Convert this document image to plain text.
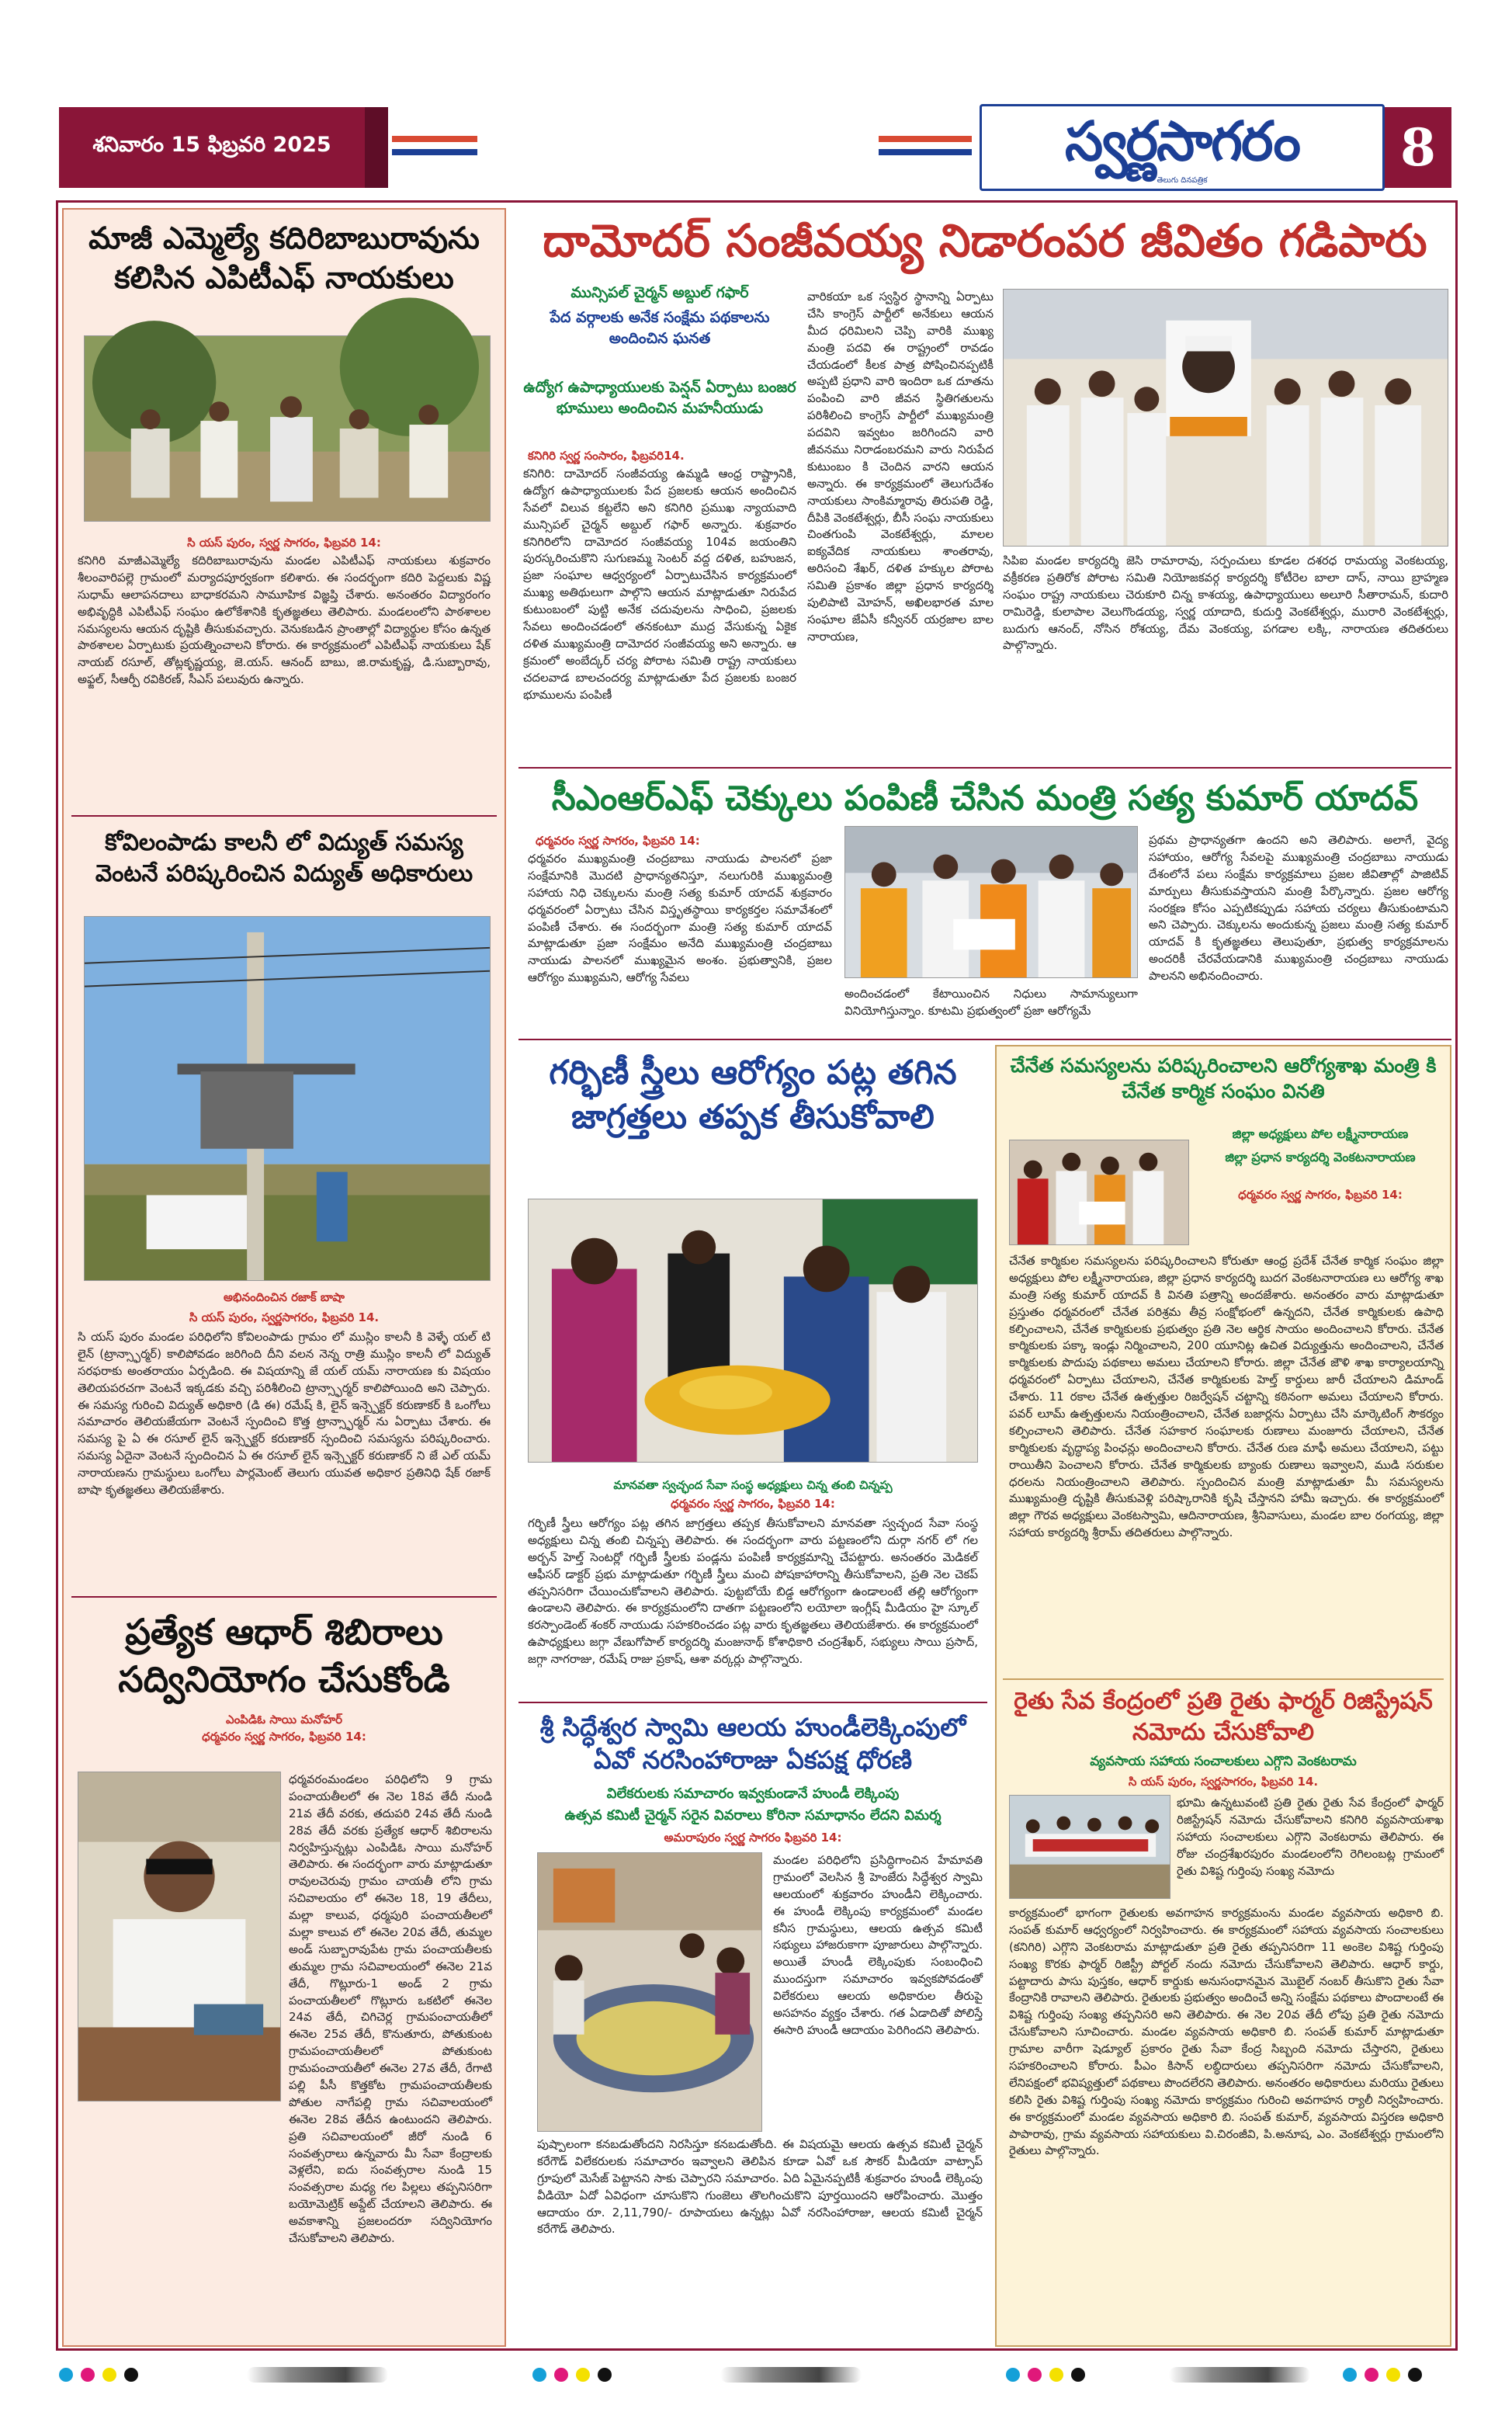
శనివారం 15 ఫిబ్రవరి 2025	స్వర్ణసాగరం
తెలుగు దినపత్రిక
8
మాజీ ఎమ్మెల్యే కదిరిబాబురావును కలిసిన ఎపిటీఎఫ్ నాయకులు
సి యస్ పురం, స్వర్ణ సాగరం, ఫిబ్రవరి 14:
కనిగిరి మాజీఎమ్మెల్యే కదిరిబాబురావును మండల ఎపిటీఎఫ్ నాయకులు శుక్రవారం శీలంవారిపల్లె గ్రామంలో మర్యాదపూర్వకంగా కలిశారు. ఈ సందర్భంగా కదిరి పెద్దలుకు విష్ణ సుధామ్ ఆలాపనదాలు బాధాకరమని సామూహిక విజ్ఞప్తి చేశారు. అనంతరం విద్యారంగం అభివృద్ధికి ఎపిటీఎఫ్ సంఘం ఉలోకేశానికి కృతజ్ఞతలు తెలిపారు. మండలంలోని పాఠశాలల సమస్యలను ఆయన దృష్టికి తీసుకువచ్చారు. వెనుకబడిన ప్రాంతాల్లో విద్యార్థుల కోసం ఉన్నత పాఠశాలల ఏర్పాటుకు ప్రయత్నించాలని కోరారు. ఈ కార్యక్రమంలో ఎపిటీఎఫ్ నాయకులు షేక్ నాయబ్ రసూల్, తోట్లకృష్ణయ్య, జె.యస్. ఆనంద్ బాబు, జి.రామకృష్ణ, డి.సుబ్బారావు, అఫ్జల్, సీఆర్పీ రవికిరణ్, సీఎస్ పలువురు ఉన్నారు.
కోవిలంపాడు కాలనీ లో విద్యుత్ సమస్య వెంటనే పరిష్కరించిన విద్యుత్ అధికారులు
అభినందించిన రజాక్ బాషా
సి యస్ పురం, స్వర్ణసాగరం, ఫిబ్రవరి 14.
సి యస్ పురం మండల పరిధిలోని కోవిలంపాడు గ్రామం లో ముస్లిం కాలనీ కి వెళ్ళే యల్ టి లైన్ (ట్రాన్స్ఫార్మర్) కాలిపోవడం జరిగింది దీని వలన నెన్న రాత్రి ముస్లిం కాలనీ లో విద్యుత్ సరఫరాకు అంతరాయం ఏర్పడింది. ఈ విషయాన్ని జే యల్ యమ్ నారాయణ కు విషయం తెలియపరచగా వెంటనే ఇక్కడకు వచ్చి పరిశీలించి ట్రాన్స్ఫార్మర్ కాలిపోయింది అని చెప్పారు. ఈ సమస్య గురించి విద్యుత్ అధికారి (డి ఈ) రమేష్ కి, లైన్ ఇన్స్పెక్టర్ కరుణాకర్ కి ఒంగోలు సమాచారం తెలియజేయగా వెంటనే స్పందించి కొత్త ట్రాన్స్ఫార్మర్ ను ఏర్పాటు చేశారు. ఈ సమస్య పై ఏ ఈ రసూల్ లైన్ ఇన్స్పెక్టర్ కరుణాకర్ స్పందించి సమస్యను పరిష్కరించారు. సమస్య ఏదైనా వెంటనే స్పందించిన ఏ ఈ రసూల్ లైన్ ఇన్స్పెక్టర్ కరుణాకర్ ని జే ఎల్ యమ్ నారాయణను గ్రామస్థులు ఒంగోలు పార్లమెంట్ తెలుగు యువత అధికార ప్రతినిధి షేక్ రజాక్ బాషా కృతజ్ఞతలు తెలియజేశారు.
ప్రత్యేక ఆధార్ శిబిరాలు సద్వినియోగం చేసుకోండి
ఎంపిడిఓ సాయి మనోహర్
ధర్మవరం స్వర్ణ సాగరం, ఫిబ్రవరి 14:
ధర్మవరంమండలం పరిధిలోని 9 గ్రామ పంచాయతీలలో ఈ నెల 18వ తేదీ నుండి 21వ తేదీ వరకు, తదుపరి 24వ తేదీ నుండి 28వ తేదీ వరకు ప్రత్యేక ఆధార్ శిబిరాలను నిర్వహిస్తున్నట్లు ఎంపిడిఓ సాయి మనోహర్ తెలిపారు. ఈ సందర్భంగా వారు మాట్లాడుతూ రావులచెరువు గ్రామం చాయతీ లోని గ్రామ సచివాలయం లో ఈనెల 18, 19 తేదీలు, మల్లా కాలువ, ధర్మపురి పంచాయతీలలో మల్లా కాలువ లో ఈనెల 20వ తేదీ, తుమ్మల అండ్ సుబ్బారావుపేట గ్రామ పంచాయతీలకు తుమ్మల గ్రామ సచివాలయంలో ఈనెల 21వ తేదీ, గొట్లూరు-1 అండ్ 2 గ్రామ పంచాయతీలలో గొట్లూరు ఒకటిలో ఈనెల 24వ తేదీ, చిగిచెర్ల గ్రామపంచాయతీలో ఈనెల 25వ తేదీ, కొనుతూరు, పోతుకుంట గ్రామపంచాయతీలలో పోతుకుంట గ్రామపంచాయతీలో ఈనెల 27వ తేదీ, రేగాటి పల్లి పీసీ కొత్తకోట గ్రామపంచాయతీలకు పోతుల నాగేపల్లి గ్రామ సచివాలయంలో ఈనెల 28వ తేదీన ఉంటుందని తెలిపారు. ప్రతి సచివాలయంలో జీరో నుండి 6 సంవత్సరాలు ఉన్నవారు మీ సేవా కేంద్రాలకు వెళ్లలేని, ఐదు సంవత్సరాల నుండి 15 సంవత్సరాల మధ్య గల పిల్లలు తప్పనిసరిగా బయోమెట్రిక్ అప్డేట్ చేయాలని తెలిపారు. ఈ అవకాశాన్ని ప్రజలందరూ సద్వినియోగం చేసుకోవాలని తెలిపారు.
దామోదర్ సంజీవయ్య నిడారంపర జీవితం గడిపారు
మున్సిపల్ చైర్మన్ అబ్దుల్ గఫార్
పేద వర్గాలకు అనేక సంక్షేమ పథకాలను అందించిన ఘనత
ఉద్యోగ ఉపాధ్యాయులకు పెన్షన్ ఏర్పాటు బంజర భూములు అందించిన మహనీయుడు
కనిగిరి స్వర్ణ సంసారం, ఫిబ్రవరి14.
కనిగిరి: దామోదర్ సంజీవయ్య ఉమ్మడి ఆంధ్ర రాష్ట్రానికి, ఉద్యోగ ఉపాధ్యాయులకు పేద ప్రజలకు ఆయన అందించిన సేవలో విలువ కట్టలేని అని కనిగిరి ప్రముఖ న్యాయవాది మున్సిపల్ చైర్మన్ అబ్దుల్ గఫార్ అన్నారు. శుక్రవారం కనిగిరిలోని దామోదర సంజీవయ్య 104వ జయంతిని పురస్కరించుకొని సుగుణమ్మ సెంటర్ వద్ద దళిత, బహుజన, ప్రజా సంఘాల ఆధ్వర్యంలో ఏర్పాటుచేసిన కార్యక్రమంలో ముఖ్య అతిథులుగా పాల్గొని ఆయన మాట్లాడుతూ నిరుపేద కుటుంబంలో పుట్టి అనేక చదువులను సాధించి, ప్రజలకు సేవలు అందించడంలో తనకంటూ ముద్ర వేసుకున్న ఏకైక దళిత ముఖ్యమంత్రి దామోదర సంజీవయ్య అని అన్నారు. ఆ క్రమంలో అంబేద్కర్ చర్య పోరాట సమితి రాష్ట్ర నాయకులు చదలవాడ బాలచందర్య మాట్లాడుతూ పేద ప్రజలకు బంజర భూములను పంపిణీ
వారికయా ఒక స్వస్థిర స్థానాన్ని ఏర్పాటు చేసి కాంగ్రెస్ పార్టీలో అనేకులు ఆయన మీద ధరిమిలని చెప్పి వారికి ముఖ్య మంత్రి పదవి ఈ రాష్ట్రంలో రావడం చేయడంలో కీలక పాత్ర పోషించినప్పటికీ అప్పటి ప్రధాని వారి ఇందిరా ఒక దూతను పంపించి వారి జీవన స్థితిగతులను పరిశీలించి కాంగ్రెస్ పార్టీలో ముఖ్యమంత్రి పదవిని ఇవ్వటం జరిగిందని వారి జీవనము నిరాడంబరమని వారు నిరుపేద కుటుంబం కి చెందిన వారని ఆయన అన్నారు. ఈ కార్యక్రమంలో తెలుగుదేశం నాయకులు సాంకిమ్మారావు తిరుపతి రెడ్డి, దీపికి వెంకటేశ్వర్లు, బీసీ సంఘ నాయకులు చింతగుంపి వెంకటేశ్వర్లు, మాలల ఐక్యవేదిక నాయకులు శాంతరావు, అరిసంచి శేఖర్, దళిత హక్కుల పోరాట సమితి ప్రకాశం జిల్లా ప్రధాన కార్యదర్శి పులిపాటి మోహన్, అఖిలభారత మాల సంఘాల జేఏసీ కన్వీనర్ యర్రజాల బాల నారాయణ,
సిపిఐ మండల కార్యదర్శి జెసి రామారావు, సర్పంచులు కూడల దశరధ రామయ్య వెంకటయ్య, వక్రీకరణ ప్రతిరోక పోరాట సమితి నియోజకవర్గ కార్యదర్శి కోటీరెల బాలా దాస్, నాయి బ్రాహ్మణ సంఘం రాష్ట్ర నాయకులు చెరుకూరి చిన్న కాశయ్య, ఉపాధ్యాయులు అలూరి సీతారామన్, కుదారి రామిరెడ్డి, కులాపాల వెలుగొండయ్య, స్వర్ణ యాదాది, కుదుర్తి వెంకటేశ్వర్లు, మురారి వెంకటేశ్వర్లు, బుదుగు ఆనంద్, నోసిన రోశయ్య, దేమ వెంకయ్య, పగడాల లక్కి, నారాయణ తదితరులు పాల్గొన్నారు.
సీఎంఆర్ఎఫ్ చెక్కులు పంపిణీ చేసిన మంత్రి సత్య కుమార్ యాదవ్
ధర్మవరం స్వర్ణ సాగరం, ఫిబ్రవరి 14:
ధర్మవరం ముఖ్యమంత్రి చంద్రబాబు నాయుడు పాలనలో ప్రజా సంక్షేమానికి మొదటి ప్రాధాన్యతనిస్తూ, నలుగురికి ముఖ్యమంత్రి సహాయ నిధి చెక్కులను మంత్రి సత్య కుమార్ యాదవ్ శుక్రవారం ధర్మవరంలో ఏర్పాటు చేసిన విస్తృతస్థాయి కార్యకర్తల సమావేశంలో పంపిణీ చేశారు. ఈ సందర్భంగా మంత్రి సత్య కుమార్ యాదవ్ మాట్లాడుతూ ప్రజా సంక్షేమం అనేది ముఖ్యమంత్రి చంద్రబాబు నాయుడు పాలనలో ముఖ్యమైన అంశం. ప్రభుత్వానికి, ప్రజల ఆరోగ్యం ముఖ్యమని, ఆరోగ్య సేవలు
అందించడంలో కేటాయించిన నిధులు సామాన్యులుగా వినియోగిస్తున్నాం. కూటమి ప్రభుత్వంలో ప్రజా ఆరోగ్యమే
ప్రథమ ప్రాధాన్యతగా ఉందని అని తెలిపారు. అలాగే, వైద్య సహాయం, ఆరోగ్య సేవలపై ముఖ్యమంత్రి చంద్రబాబు నాయుడు దేశంలోనే పలు సంక్షేమ కార్యక్రమాలు ప్రజల జీవితాల్లో పాజిటివ్ మార్పులు తీసుకువస్తాయని మంత్రి పేర్కొన్నారు. ప్రజల ఆరోగ్య సంరక్షణ కోసం ఎప్పటికప్పుడు సహాయ చర్యలు తీసుకుంటామని అని చెప్పారు. చెక్కులను అందుకున్న ప్రజలు మంత్రి సత్య కుమార్ యాదవ్ కి కృతజ్ఞతలు తెలుపుతూ, ప్రభుత్వ కార్యక్రమాలను అందరికీ చేరవేయడానికి ముఖ్యమంత్రి చంద్రబాబు నాయుడు పాలనని అభినందించారు.
గర్భిణీ స్త్రీలు ఆరోగ్యం పట్ల తగిన జాగ్రత్తలు తప్పక తీసుకోవాలి
మానవతా స్వచ్ఛంద సేవా సంస్థ అధ్యక్షులు చిన్న తంబి చిన్నప్ప
ధర్మవరం స్వర్ణ సాగరం, ఫిబ్రవరి 14:
గర్భిణీ స్త్రీలు ఆరోగ్యం పట్ల తగిన జాగ్రత్తలు తప్పక తీసుకోవాలని మానవతా స్వచ్ఛంద సేవా సంస్థ అధ్యక్షులు చిన్న తంబి చిన్నప్ప తెలిపారు. ఈ సందర్భంగా వారు పట్టణంలోని దుర్గా నగర్ లో గల అర్బన్ హెల్త్ సెంటర్లో గర్భిణీ స్త్రీలకు పండ్లను పంపిణీ కార్యక్రమాన్ని చేపట్టారు. అనంతరం మెడికల్ ఆఫీసర్ డాక్టర్ ప్రభు మాట్లాడుతూ గర్భిణీ స్త్రీలు మంచి పోషకాహారాన్ని తీసుకోవాలని, ప్రతి నెల చెకప్ తప్పనిసరిగా చేయించుకోవాలని తెలిపారు. పుట్టబోయే బిడ్డ ఆరోగ్యంగా ఉండాలంటే తల్లి ఆరోగ్యంగా ఉండాలని తెలిపారు. ఈ కార్యక్రమంలోని దాతగా పట్టణంలోని లయోలా ఇంగ్లీష్ మీడియం హై స్కూల్ కరస్పాండెంట్ శంకర్ నాయుడు సహకరించడం పట్ల వారు కృతజ్ఞతలు తెలియజేశారు. ఈ కార్యక్రమంలో ఉపాధ్యక్షులు జగ్గా వేణుగోపాల్ కార్యదర్శి మంజునాథ్ కోశాధికారి చంద్రశేఖర్, సభ్యులు సాయి ప్రసాద్, జగ్గా నాగరాజు, రమేష్ రాజు ప్రకాష్, ఆశా వర్కర్లు పాల్గొన్నారు.
శ్రీ సిద్ధేశ్వర స్వామి ఆలయ హుండీలెక్కింపులో ఏవో నరసింహారాజు ఏకపక్ష ధోరణి
విలేకరులకు సమాచారం ఇవ్వకుండానే హుండీ లెక్కింపు
ఉత్సవ కమిటీ చైర్మన్ సరైన వివరాలు కోరినా సమాధానం లేదని విమర్శ
అమరాపురం స్వర్ణ సాగరం ఫిబ్రవరి 14:
మండల పరిధిలోని ప్రసిద్ధిగాంచిన హేమావతి గ్రామంలో వెలసిన శ్రీ హెంజేరు సిద్ధేశ్వర స్వామి ఆలయంలో శుక్రవారం హుండీని లెక్కించారు. ఈ హుండీ లెక్కింపు కార్యక్రమంలో మండల కనీస గ్రామస్థులు, ఆలయ ఉత్సవ కమిటీ సభ్యులు హాజరుకాగా పూజారులు పాల్గొన్నారు. అయితే హుండీ లెక్కింపుకు సంబంధించి ముందస్తుగా సమాచారం ఇవ్వకపోవడంతో విలేకరులు ఆలయ అధికారుల తీరుపై అసహనం వ్యక్తం చేశారు. గత ఏడాదితో పోలిస్తే ఈసారి హుండీ ఆదాయం పెరిగిందని తెలిపారు.
పుష్పాలంగా కనబడుతోందని నిరసిస్తూ కనబడుతోంది. ఈ విషయమై ఆలయ ఉత్సవ కమిటీ చైర్మన్ కరేగౌడ్ విలేకరులకు సమాచారం ఇవ్వాలని తెలిపిన కూడా ఏవో ఒక సౌకర్ మీడియా వాట్సాప్ గ్రూపులో మెసేజ్ పెట్టానని సాకు చెప్పారని సమాచారం. ఏది ఏమైనప్పటికీ శుక్రవారం హుండీ లెక్కింపు వీడియో ఏదో ఏవిధంగా చూసుకొని గుంజెలు తొలగించుకొని పూర్తయిందని ఆరోపించారు. మొత్తం ఆదాయం రూ. 2,11,790/- రూపాయలు ఉన్నట్లు ఏవో నరసింహారాజు, ఆలయ కమిటీ చైర్మన్ కరేగౌడ్ తెలిపారు.
చేనేత సమస్యలను పరిష్కరించాలని ఆరోగ్యశాఖ మంత్రి కి చేనేత కార్మిక సంఘం వినతి
జిల్లా అధ్యక్షులు పోల లక్ష్మీనారాయణ
జిల్లా ప్రధాన కార్యదర్శి వెంకటనారాయణ
ధర్మవరం స్వర్ణ సాగరం, ఫిబ్రవరి 14:
చేనేత కార్మికుల సమస్యలను పరిష్కరించాలని కోరుతూ ఆంధ్ర ప్రదేశ్ చేనేత కార్మిక సంఘం జిల్లా అధ్యక్షులు పోల లక్ష్మీనారాయణ, జిల్లా ప్రధాన కార్యదర్శి బుదగ వెంకటనారాయణ లు ఆరోగ్య శాఖ మంత్రి సత్య కుమార్ యాదవ్ కి వినతి పత్రాన్ని అందజేశారు. అనంతరం వారు మాట్లాడుతూ ప్రస్తుతం ధర్మవరంలో చేనేత పరిశ్రమ తీవ్ర సంక్షోభంలో ఉన్నదని, చేనేత కార్మికులకు ఉపాధి కల్పించాలని, చేనేత కార్మికులకు ప్రభుత్వం ప్రతి నెల ఆర్థిక సాయం అందించాలని కోరారు. చేనేత కార్మికులకు పక్కా ఇండ్లు నిర్మించాలని, 200 యూనిట్ల ఉచిత విద్యుత్తును అందించాలని, చేనేత కార్మికులకు పొదుపు పథకాలు అమలు చేయాలని కోరారు. జిల్లా చేనేత జౌళి శాఖ కార్యాలయాన్ని ధర్మవరంలో ఏర్పాటు చేయాలని, చేనేత కార్మికులకు హెల్త్ కార్డులు జారీ చేయాలని డిమాండ్ చేశారు. 11 రకాల చేనేత ఉత్పత్తుల రిజర్వేషన్ చట్టాన్ని కఠినంగా అమలు చేయాలని కోరారు. పవర్ లూమ్ ఉత్పత్తులను నియంత్రించాలని, చేనేత బజార్లను ఏర్పాటు చేసి మార్కెటింగ్ సౌకర్యం కల్పించాలని తెలిపారు. చేనేత సహకార సంఘాలకు రుణాలు మంజూరు చేయాలని, చేనేత కార్మికులకు వృద్ధాప్య పింఛన్లు అందించాలని కోరారు. చేనేత రుణ మాఫీ అమలు చేయాలని, పట్టు రాయితీని పెంచాలని కోరారు. చేనేత కార్మికులకు బ్యాంకు రుణాలు ఇవ్వాలని, ముడి సరుకుల ధరలను నియంత్రించాలని తెలిపారు. స్పందించిన మంత్రి మాట్లాడుతూ మీ సమస్యలను ముఖ్యమంత్రి దృష్టికి తీసుకువెళ్లి పరిష్కారానికి కృషి చేస్తానని హామీ ఇచ్చారు. ఈ కార్యక్రమంలో జిల్లా గౌరవ అధ్యక్షులు వెంకటస్వామి, ఆదినారాయణ, శ్రీనివాసులు, మండల బాల రంగయ్య, జిల్లా సహాయ కార్యదర్శి శ్రీరామ్ తదితరులు పాల్గొన్నారు.
రైతు సేవ కేంద్రంలో ప్రతి రైతు ఫార్మర్ రిజిస్ట్రేషన్ నమోదు చేసుకోవాలి
వ్యవసాయ సహాయ సంచాలకులు ఎగ్గొని వెంకటరామ
సి యస్ పురం, స్వర్ణసాగరం, ఫిబ్రవరి 14.
భూమి ఉన్నటువంటి ప్రతి రైతు రైతు సేవ కేంద్రంలో ఫార్మర్ రిజిస్ట్రేషన్ నమోదు చేసుకోవాలని కనిగిరి వ్యవసాయశాఖ సహాయ సంచాలకులు ఎగ్గొని వెంకటరామ తెలిపారు. ఈ రోజు చంద్రశేఖరపురం మండలంలోని రెగిలంబట్ల గ్రామంలో రైతు విశిష్ట గుర్తింపు సంఖ్య నమోదు
కార్యక్రమంలో భాగంగా రైతులకు అవగాహన కార్యక్రమంను మండల వ్యవసాయ అధికారి బి. సంపత్ కుమార్ ఆధ్వర్యంలో నిర్వహించారు. ఈ కార్యక్రమంలో సహాయ వ్యవసాయ సంచాలకులు (కనిగిరి) ఎగ్గొని వెంకటరామ మాట్లాడుతూ ప్రతి రైతు తప్పనిసరిగా 11 అంకెల విశిష్ట గుర్తింపు సంఖ్య కొరకు ఫార్మర్ రిజిస్ట్రీ పోర్టల్ నందు నమోదు చేసుకోవాలని తెలిపారు. ఆధార్ కార్డు, పట్టాదారు పాసు పుస్తకం, ఆధార్ కార్డుకు అనుసంధానమైన మొబైల్ నంబర్ తీసుకొని రైతు సేవా కేంద్రానికి రావాలని తెలిపారు. రైతులకు ప్రభుత్వం అందించే అన్ని సంక్షేమ పథకాలు పొందాలంటే ఈ విశిష్ట గుర్తింపు సంఖ్య తప్పనిసరి అని తెలిపారు. ఈ నెల 20వ తేదీ లోపు ప్రతి రైతు నమోదు చేసుకోవాలని సూచించారు. మండల వ్యవసాయ అధికారి బి. సంపత్ కుమార్ మాట్లాడుతూ గ్రామాల వారీగా షెడ్యూల్ ప్రకారం రైతు సేవా కేంద్ర సిబ్బంది నమోదు చేస్తారని, రైతులు సహకరించాలని కోరారు. పీఎం కిసాన్ లబ్ధిదారులు తప్పనిసరిగా నమోదు చేసుకోవాలని, లేనిపక్షంలో భవిష్యత్తులో పథకాలు పొందలేరని తెలిపారు. అనంతరం అధికారులు మరియు రైతులు కలిసి రైతు విశిష్ట గుర్తింపు సంఖ్య నమోదు కార్యక్రమం గురించి అవగాహన ర్యాలీ నిర్వహించారు. ఈ కార్యక్రమంలో మండల వ్యవసాయ అధికారి బి. సంపత్ కుమార్, వ్యవసాయ విస్తరణ అధికారి పాపారావు, గ్రామ వ్యవసాయ సహాయకులు వి.చిరంజీవి, పి.అనూష, ఎం. వెంకటేశ్వర్లు గ్రామంలోని రైతులు పాల్గొన్నారు.
